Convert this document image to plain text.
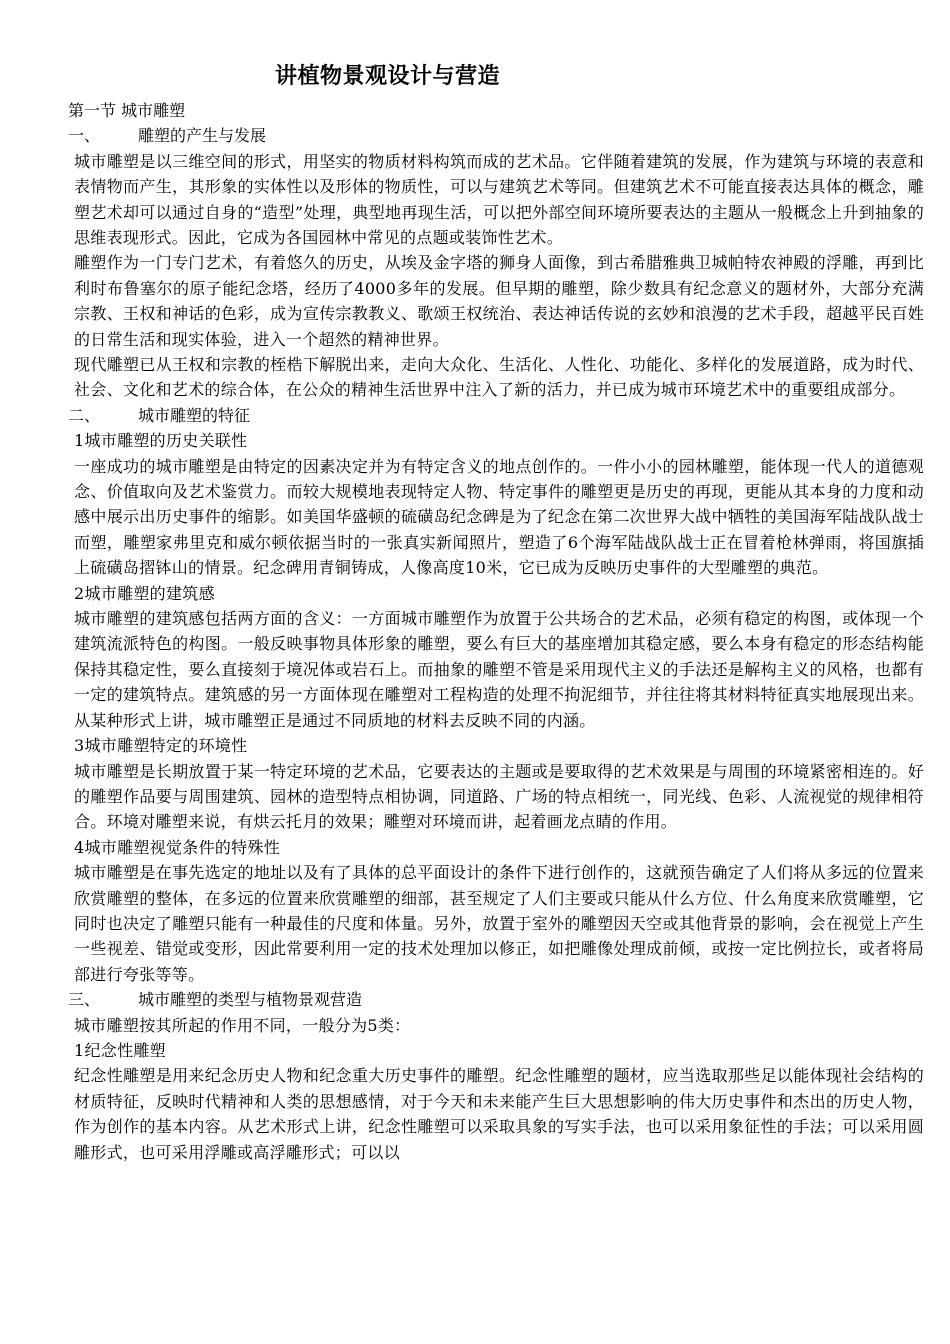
讲植物景观设计与营造
第一节 城市雕塑
一、 雕塑的产生与发展
城市雕塑是以三维空间的形式，用坚实的物质材料构筑而成的艺术品。它伴随着建筑的发展，作为建筑与环境的表意和表情物而产生，其形象的实体性以及形体的物质性，可以与建筑艺术等同。但建筑艺术不可能直接表达具体的概念，雕塑艺术却可以通过自身的“造型”处理，典型地再现生活，可以把外部空间环境所要表达的主题从一般概念上升到抽象的思维表现形式。因此，它成为各国园林中常见的点题或装饰性艺术。
雕塑作为一门专门艺术，有着悠久的历史，从埃及金字塔的狮身人面像，到古希腊雅典卫城帕特农神殿的浮雕，再到比利时布鲁塞尔的原子能纪念塔，经历了4000多年的发展。但早期的雕塑，除少数具有纪念意义的题材外，大部分充满宗教、王权和神话的色彩，成为宣传宗教教义、歌颂王权统治、表达神话传说的玄妙和浪漫的艺术手段，超越平民百姓的日常生活和现实体验，进入一个超然的精神世界。
现代雕塑已从王权和宗教的桎梏下解脱出来，走向大众化、生活化、人性化、功能化、多样化的发展道路，成为时代、社会、文化和艺术的综合体，在公众的精神生活世界中注入了新的活力，并已成为城市环境艺术中的重要组成部分。
二、 城市雕塑的特征
1城市雕塑的历史关联性
一座成功的城市雕塑是由特定的因素决定并为有特定含义的地点创作的。一件小小的园林雕塑，能体现一代人的道德观念、价值取向及艺术鉴赏力。而较大规模地表现特定人物、特定事件的雕塑更是历史的再现，更能从其本身的力度和动感中展示出历史事件的缩影。如美国华盛顿的硫磺岛纪念碑是为了纪念在第二次世界大战中牺牲的美国海军陆战队战士而塑，雕塑家弗里克和威尔顿依据当时的一张真实新闻照片，塑造了6个海军陆战队战士正在冒着枪林弹雨，将国旗插上硫磺岛摺钵山的情景。纪念碑用青铜铸成，人像高度10米，它已成为反映历史事件的大型雕塑的典范。
2城市雕塑的建筑感
城市雕塑的建筑感包括两方面的含义：一方面城市雕塑作为放置于公共场合的艺术品，必须有稳定的构图，或体现一个建筑流派特色的构图。一般反映事物具体形象的雕塑，要么有巨大的基座增加其稳定感，要么本身有稳定的形态结构能保持其稳定性，要么直接刻于境况体或岩石上。而抽象的雕塑不管是采用现代主义的手法还是解构主义的风格，也都有一定的建筑特点。建筑感的另一方面体现在雕塑对工程构造的处理不拘泥细节，并往往将其材料特征真实地展现出来。从某种形式上讲，城市雕塑正是通过不同质地的材料去反映不同的内涵。
3城市雕塑特定的环境性
城市雕塑是长期放置于某一特定环境的艺术品，它要表达的主题或是要取得的艺术效果是与周围的环境紧密相连的。好的雕塑作品要与周围建筑、园林的造型特点相协调，同道路、广场的特点相统一，同光线、色彩、人流视觉的规律相符合。环境对雕塑来说，有烘云托月的效果；雕塑对环境而讲，起着画龙点睛的作用。
4城市雕塑视觉条件的特殊性
城市雕塑是在事先选定的地址以及有了具体的总平面设计的条件下进行创作的，这就预告确定了人们将从多远的位置来欣赏雕塑的整体，在多远的位置来欣赏雕塑的细部，甚至规定了人们主要或只能从什么方位、什么角度来欣赏雕塑，它同时也决定了雕塑只能有一种最佳的尺度和体量。另外，放置于室外的雕塑因天空或其他背景的影响，会在视觉上产生一些视差、错觉或变形，因此常要利用一定的技术处理加以修正，如把雕像处理成前倾，或按一定比例拉长，或者将局部进行夸张等等。
三、 城市雕塑的类型与植物景观营造
城市雕塑按其所起的作用不同，一般分为5类：
1纪念性雕塑
纪念性雕塑是用来纪念历史人物和纪念重大历史事件的雕塑。纪念性雕塑的题材，应当选取那些足以能体现社会结构的材质特征，反映时代精神和人类的思想感情，对于今天和未来能产生巨大思想影响的伟大历史事件和杰出的历史人物，作为创作的基本内容。从艺术形式上讲，纪念性雕塑可以采取具象的写实手法，也可以采用象征性的手法；可以采用圆雕形式，也可采用浮雕或高浮雕形式；可以以
